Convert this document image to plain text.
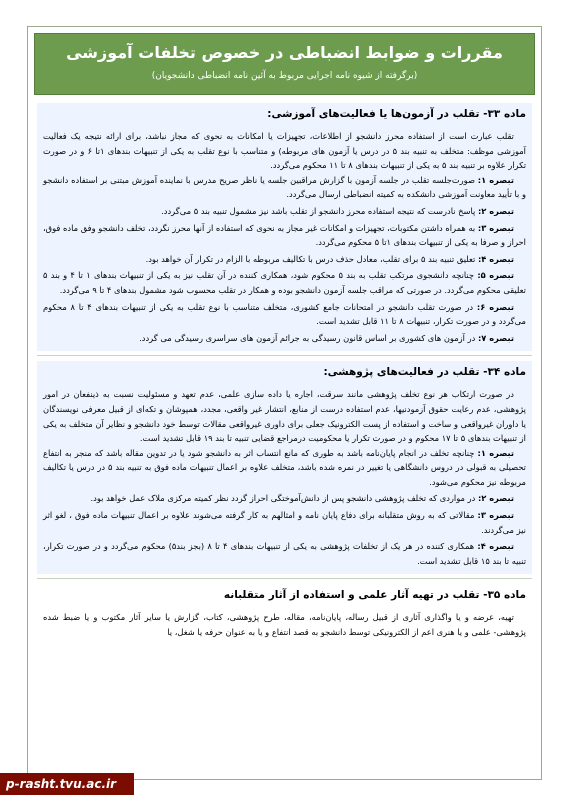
مقررات و ضوابط انضباطی در خصوص تخلفات آموزشی
(برگرفته از شیوه نامه اجرایی مربوط به آئین نامه انضباطی دانشجویان)
ماده ۳۳- تقلب در آزمون‌ها یا فعالیت‌های آموزشی:

تقلب عبارت است از استفاده محرز دانشجو از اطلاعات، تجهیزات یا امکانات به نحوی که مجاز نباشد، برای ارائه نتیجه یک فعالیت آموزشی موظف: متخلف به تنبیه بند ۵ در درس یا آزمون های مربوطه) و متناسب با نوع تقلب به یکی از تنبیهات بندهای ۱تا ۶ و در صورت تکرار علاوه بر تنبیه بند ۵ به یکی از تنبیهات بندهای ۸ تا ۱۱ محکوم می‌گردد.

تبصره ۱: صورت‌جلسه تقلب در جلسه آزمون با گزارش مراقبین جلسه یا ناظر صریح مدرس با نماینده آموزش مبتنی بر استفاده دانشجو و با تأیید معاونت آموزشی دانشکده به کمیته انضباطی ارسال می‌گردد.

تبصره ۲: پاسخ نادرست که نتیجه استفاده محرز دانشجو از تقلب باشد نیز مشمول تنبیه بند ۵ می‌گردد.

تبصره ۳: به همراه داشتن مکتوبات، تجهیزات و امکانات غیر مجاز به نحوی که استفاده از آنها محرز نگردد، تخلف دانشجو وفق ماده فوق، احراز و صرفا به یکی از تنبیهات بندهای ۱تا ۵ محکوم می‌گردد.

تبصره ۴: تعلیق تنبیه بند ۵ برای تقلب، معادل حذف درس با تکالیف مربوطه با الزام در تکرار آن خواهد بود.

تبصره ۵: چنانچه دانشجوی مرتکب تقلب به بند ۵ محکوم شود، همکاری کننده در آن تقلب نیز به یکی از تنبیهات بندهای ۱ تا ۴ و بند ۵ تعلیقی محکوم می‌گردد. در صورتی که مراقب جلسه آزمون دانشجو بوده و همکار در تقلب محسوب شود مشمول بندهای ۴ تا ۹ می‌گردد.

تبصره ۶: در صورت تقلب دانشجو در امتحانات جامع کشوری، متخلف متناسب با نوع تقلب به یکی از تنبیهات بندهای ۴ تا ۸ محکوم می‌گردد و در صورت تکرار، تنبیهات ۸ تا ۱۱ قابل تشدید است.

تبصره ۷: در آزمون های کشوری بر اساس قانون رسیدگی به جرائم آزمون های سراسری رسیدگی می گردد.

ماده ۳۴- تقلب در فعالیت‌های پژوهشی:

در صورت ارتکاب هر نوع تخلف پژوهشی مانند سرقت، اجاره یا داده سازی علمی، عدم تعهد و مسئولیت نسبت به ذینفعان در امور پژوهشی، عدم رعایت حقوق آزمودنیها، عدم استفاده درست از منابع، انتشار غیر واقعی، مجدد، همپوشان و تکه‌ای از قبیل معرفی نویسندگان یا داوران غیرواقعی و ساخت و استفاده از پست الکترونیک جعلی برای داوری غیرواقعی مقالات توسط خود دانشجو و نظایر آن متخلف به یکی از تنبیهات بندهای ۵ تا ۱۷ محکوم و در صورت تکرار یا محکومیت درمراجع قضایی تنبیه تا بند ۱۹ قابل تشدید است.

تبصره ۱: چنانچه تخلف در انجام پایان‌نامه باشد به طوری که مانع انتساب اثر به دانشجو شود یا در تدوین مقاله باشد که منجر به انتفاع تحصیلی به قبولی در دروس دانشگاهی یا تغییر در نمره شده باشد، متخلف علاوه بر اعمال تنبیهات ماده فوق به تنبیه بند ۵ در درس یا تکالیف مربوطه نیز محکوم می‌شود.

تبصره ۲: در مواردی که تخلف پژوهشی دانشجو پس از دانش‌آموختگی احراز گردد نظر کمیته مرکزی ملاک عمل خواهد بود.

تبصره ۳: مقالاتی که به روش متقلبانه برای دفاع پایان نامه و امثالهم به کار گرفته می‌شوند علاوه بر اعمال تنبیهات ماده فوق ، لغو اثر نیز می‌گردند.

تبصره ۴: همکاری کننده در هر یک از تخلفات پژوهشی به یکی از تنبیهات بندهای ۴ تا ۸ (بجز بند۵) محکوم می‌گردد و در صورت تکرار، تنبیه تا بند ۱۵ قابل تشدید است.

ماده ۳۵- تقلب در تهیه آثار علمی و استفاده از آثار متقلبانه

تهیه، عرضه و یا واگذاری آثاری از قبیل رساله، پایان‌نامه، مقاله، طرح پژوهشی، کتاب، گزارش یا سایر آثار مکتوب و یا ضبط شده پژوهشی- علمی و یا هنری اعم از الکترونیکی توسط دانشجو به قصد انتفاع و یا به عنوان حرفه یا شغل، یا

p-rasht.tvu.ac.ir
